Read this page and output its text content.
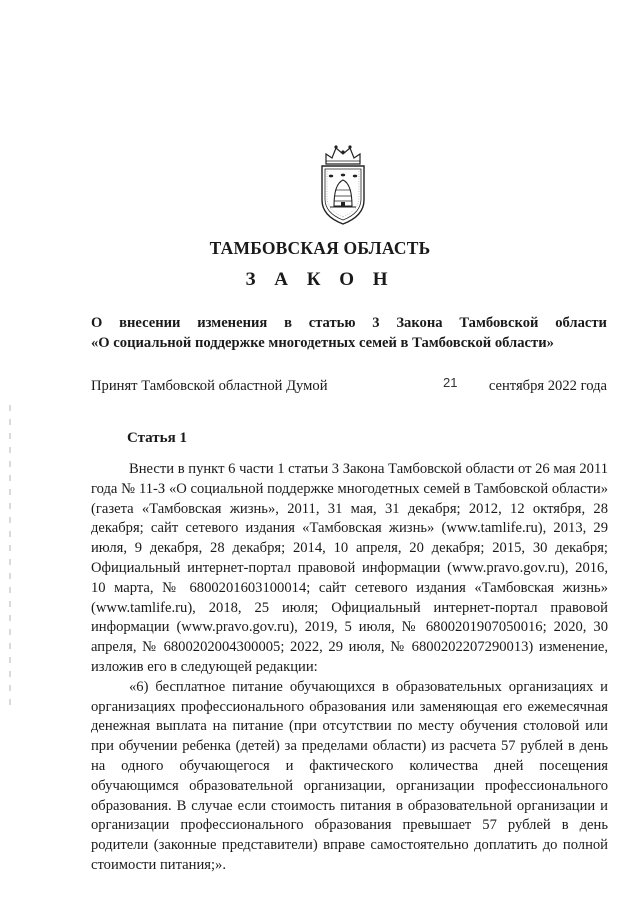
ТАМБОВСКАЯ ОБЛАСТЬ
З А К О Н
О внесении изменения в статью 3 Закона Тамбовской области
«О социальной поддержке многодетных семей в Тамбовской области»
Принят Тамбовской областной Думой	21 сентября 2022 года
Статья 1

Внести в пункт 6 части 1 статьи 3 Закона Тамбовской области от 26 мая 2011 года № 11-З «О социальной поддержке многодетных семей в Тамбовской области» (газета «Тамбовская жизнь», 2011, 31 мая, 31 декабря; 2012, 12 октября, 28 декабря; сайт сетевого издания «Тамбовская жизнь» (www.tamlife.ru), 2013, 29 июля, 9 декабря, 28 декабря; 2014, 10 апреля, 20 декабря; 2015, 30 декабря; Официальный интернет-портал правовой информации (www.pravo.gov.ru), 2016, 10 марта, № 6800201603100014; сайт сетевого издания «Тамбовская жизнь» (www.tamlife.ru), 2018, 25 июля; Официальный интернет-портал правовой информации (www.pravo.gov.ru), 2019, 5 июля, № 6800201907050016; 2020, 30 апреля, № 6800202004300005; 2022, 29 июля, № 6800202207290013) изменение, изложив его в следующей редакции:

«6) бесплатное питание обучающихся в образовательных организациях и организациях профессионального образования или заменяющая его ежемесячная денежная выплата на питание (при отсутствии по месту обучения столовой или при обучении ребенка (детей) за пределами области) из расчета 57 рублей в день на одного обучающегося и фактического количества дней посещения обучающимся образовательной организации, организации профессионального образования. В случае если стоимость питания в образовательной организации и организации профессионального образования превышает 57 рублей в день родители (законные представители) вправе самостоятельно доплатить до полной стоимости питания;».
